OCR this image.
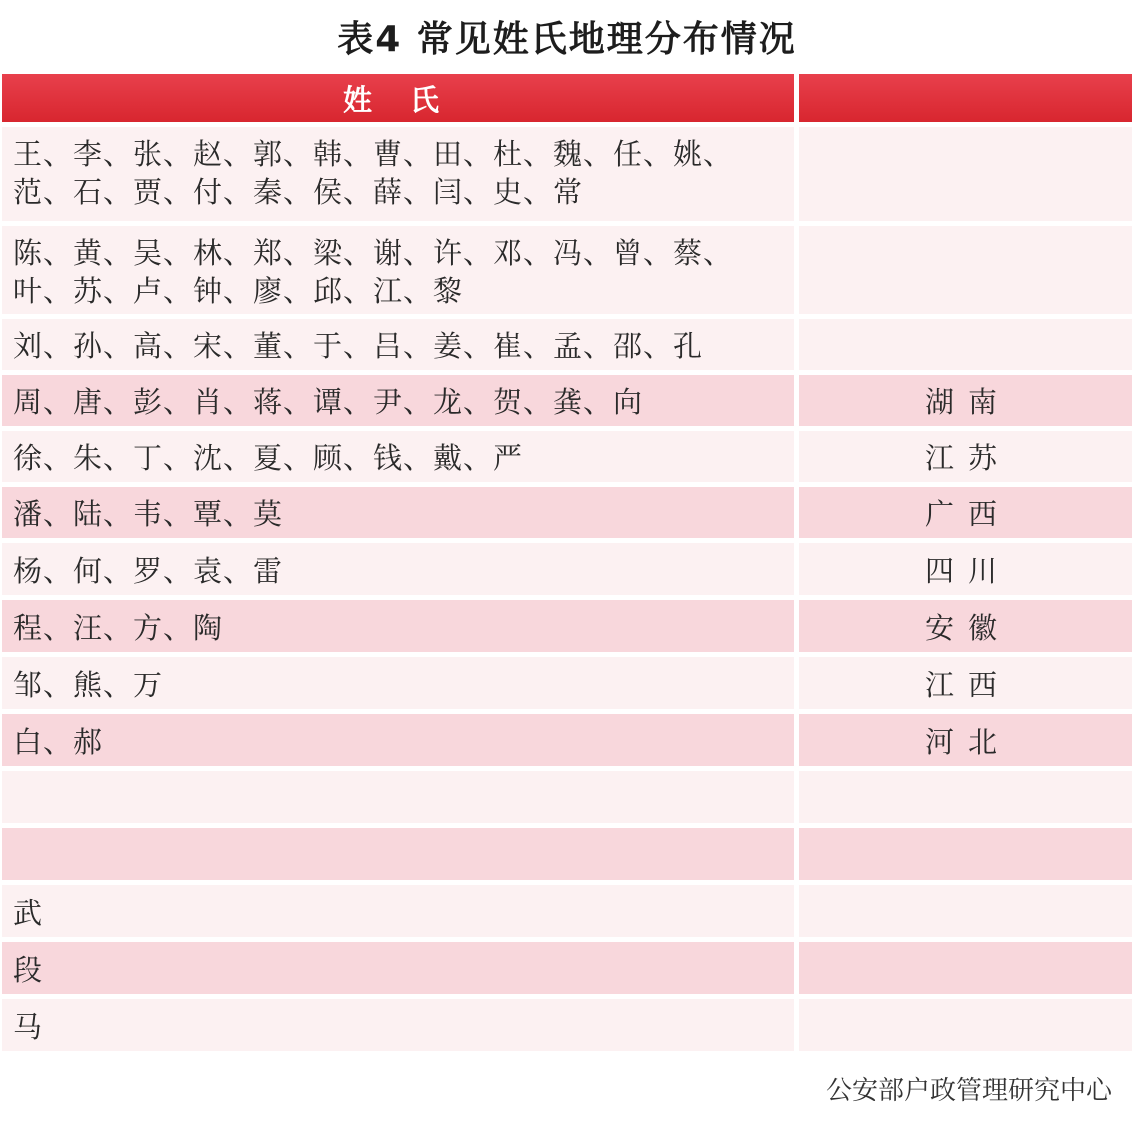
表4 常见姓氏地理分布情况
姓 氏
王、李、张、赵、郭、韩、曹、田、杜、魏、任、姚、
范、石、贾、付、秦、侯、薛、闫、史、常
陈、黄、吴、林、郑、梁、谢、许、邓、冯、曾、蔡、
叶、苏、卢、钟、廖、邱、江、黎
刘、孙、高、宋、董、于、吕、姜、崔、孟、邵、孔
周、唐、彭、肖、蒋、谭、尹、龙、贺、龚、向	湖南
徐、朱、丁、沈、夏、顾、钱、戴、严	江苏
潘、陆、韦、覃、莫	广西
杨、何、罗、袁、雷	四川
程、汪、方、陶	安徽
邹、熊、万	江西
白、郝	河北
武
段
马
公安部户政管理研究中心
